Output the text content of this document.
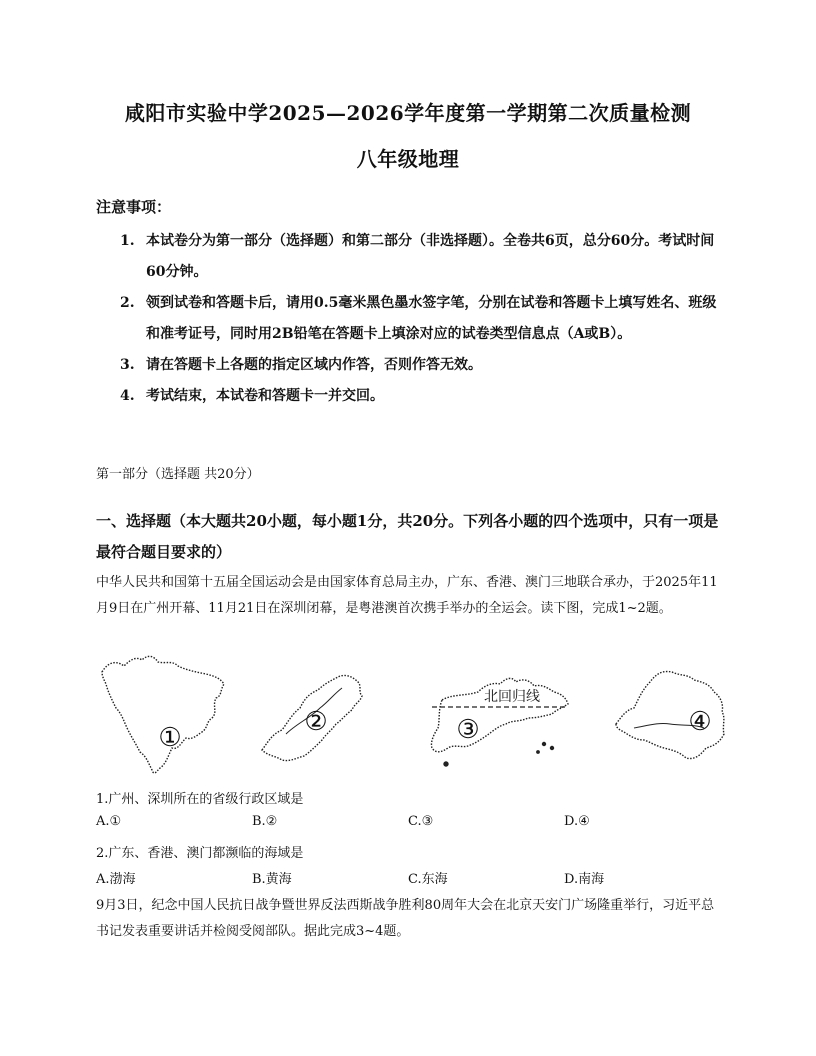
咸阳市实验中学2025—2026学年度第一学期第二次质量检测
八年级地理
注意事项：
1. 本试卷分为第一部分（选择题）和第二部分（非选择题）。全卷共6页，总分60分。考试时间60分钟。
2. 领到试卷和答题卡后，请用0.5毫米黑色墨水签字笔，分别在试卷和答题卡上填写姓名、班级和准考证号，同时用2B铅笔在答题卡上填涂对应的试卷类型信息点（A或B）。
3. 请在答题卡上各题的指定区域内作答，否则作答无效。
4. 考试结束，本试卷和答题卡一并交回。
第一部分（选择题 共20分）
一、选择题（本大题共20小题，每小题1分，共20分。下列各小题的四个选项中，只有一项是最符合题目要求的）
中华人民共和国第十五届全国运动会是由国家体育总局主办，广东、香港、澳门三地联合承办，于2025年11月9日在广州开幕、11月21日在深圳闭幕，是粤港澳首次携手举办的全运会。读下图，完成1~2题。
①
②	③	④
北回归线
1.广州、深圳所在的省级行政区域是
A.①	B.②	C.③	D.④
2.广东、香港、澳门都濒临的海域是
A.渤海	B.黄海	C.东海	D.南海
9月3日，纪念中国人民抗日战争暨世界反法西斯战争胜利80周年大会在北京天安门广场隆重举行，习近平总书记发表重要讲话并检阅受阅部队。据此完成3~4题。
